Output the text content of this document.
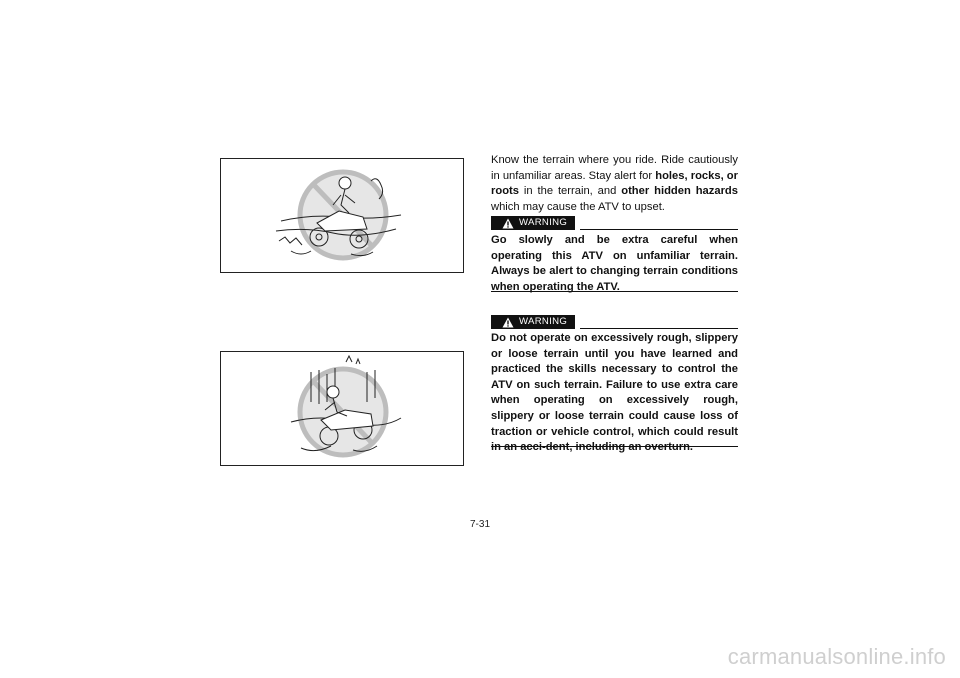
Know the terrain where you ride. Ride cautiously in unfamiliar areas. Stay alert for holes, rocks, or roots in the terrain, and other hidden hazards which may cause the ATV to upset.
WARNING
Go slowly and be extra careful when operating this ATV on unfamiliar terrain. Always be alert to changing terrain conditions when operating the ATV.
WARNING
Do not operate on excessively rough, slippery or loose terrain until you have learned and practiced the skills necessary to control the ATV on such terrain. Failure to use extra care when operating on excessively rough, slippery or loose terrain could cause loss of traction or vehicle control, which could result in an acci-dent, including an overturn.
7-31
carmanualsonline.info
